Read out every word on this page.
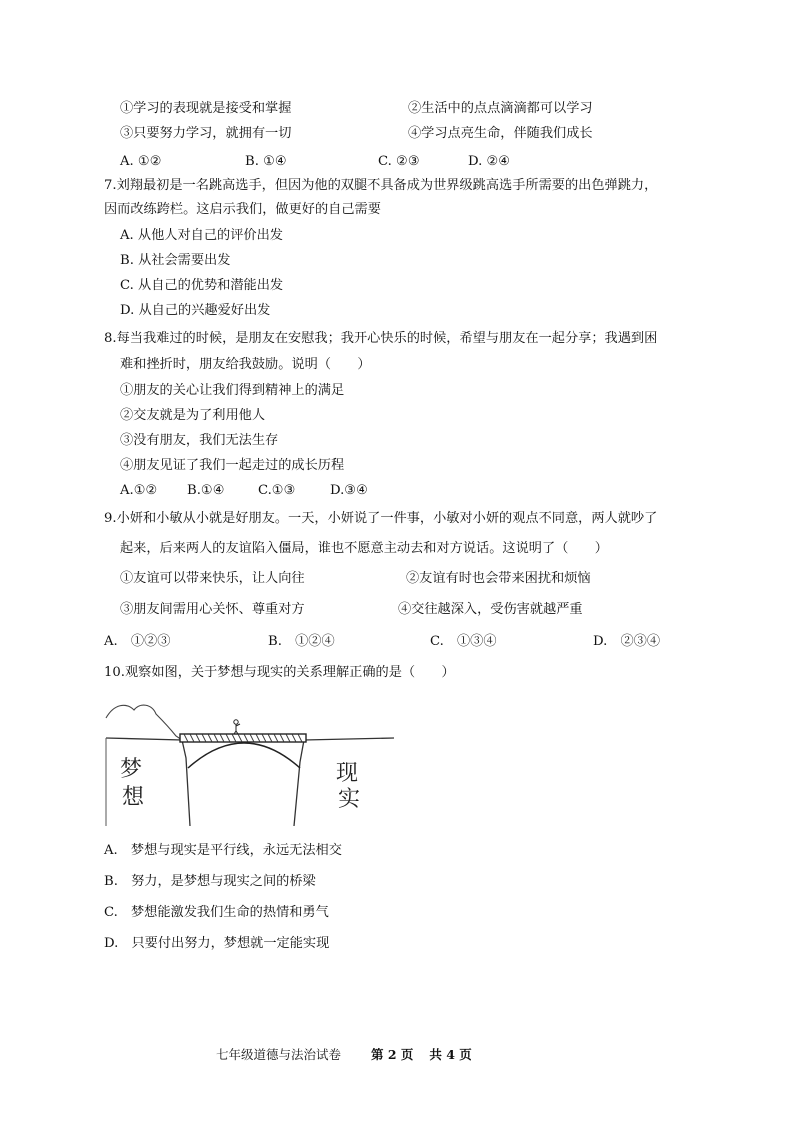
①学习的表现就是接受和掌握	②生活中的点点滴滴都可以学习
③只要努力学习，就拥有一切	④学习点亮生命，伴随我们成长
A. ①②	B. ①④	C. ②③	D. ②④
7.刘翔最初是一名跳高选手，但因为他的双腿不具备成为世界级跳高选手所需要的出色弹跳力，
因而改练跨栏。这启示我们，做更好的自己需要
A. 从他人对自己的评价出发
B. 从社会需要出发
C. 从自己的优势和潜能出发
D. 从自己的兴趣爱好出发
8.每当我难过的时候，是朋友在安慰我；我开心快乐的时候，希望与朋友在一起分享；我遇到困
难和挫折时，朋友给我鼓励。说明（　　）
①朋友的关心让我们得到精神上的满足
②交友就是为了利用他人
③没有朋友，我们无法生存
④朋友见证了我们一起走过的成长历程
A.①② B.①④	C.①③	D.③④
9.小妍和小敏从小就是好朋友。一天，小妍说了一件事，小敏对小妍的观点不同意，两人就吵了
起来，后来两人的友谊陷入僵局，谁也不愿意主动去和对方说话。这说明了（　　）
①友谊可以带来快乐，让人向往	②友谊有时也会带来困扰和烦恼
③朋友间需用心关怀、尊重对方	④交往越深入，受伤害就越严重
A.　①②③	B.　①②④	C.　①③④	D.　②③④
10.观察如图，关于梦想与现实的关系理解正确的是（　　）
梦
想
现
实
A.　梦想与现实是平行线，永远无法相交
B.　努力，是梦想与现实之间的桥梁
C.　梦想能激发我们生命的热情和勇气
D.　只要付出努力，梦想就一定能实现
七年级道德与法治试卷 第 2 页 共 4 页
